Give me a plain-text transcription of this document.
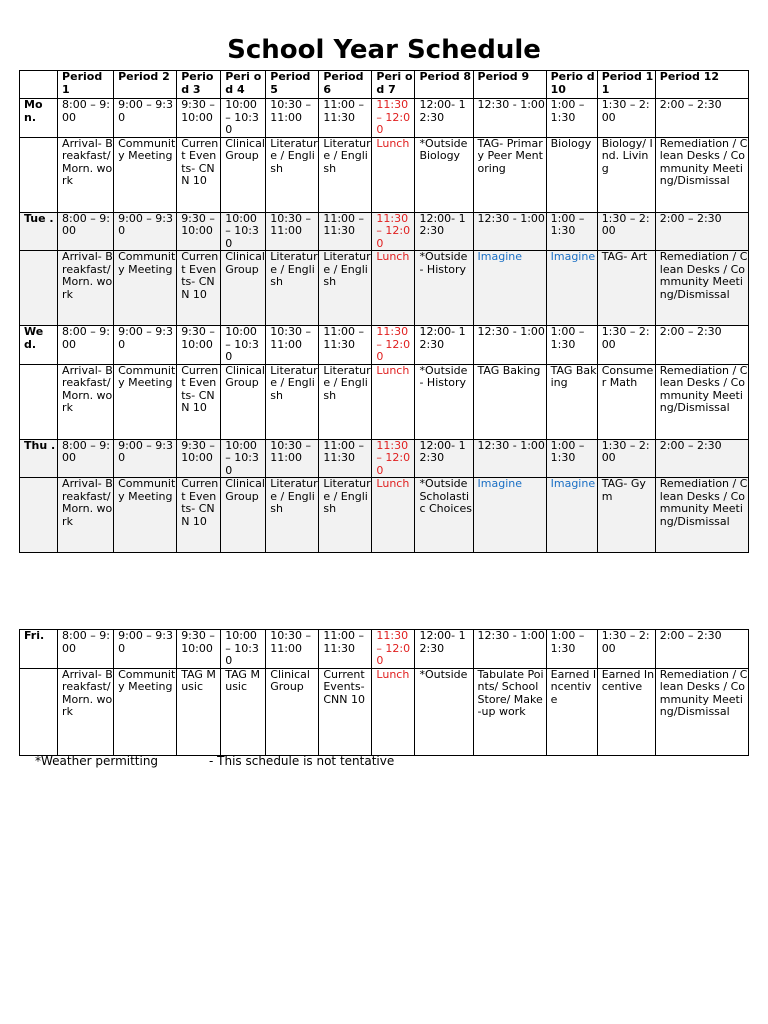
School Year Schedule
	Period 1	Period 2	Perio d 3	Peri od 4	Period 5	Period 6	Peri od 7	Period 8	Period 9	Perio d 10	Period 11	Period 12
Mo n.	8:00 – 9:00	9:00 – 9:30	9:30 – 10:00	10:00 – 10:30	10:30 – 11:00	11:00 – 11:30	11:30 – 12:00	12:00- 12:30	12:30 - 1:00	1:00 – 1:30	1:30 – 2:00	2:00 – 2:30
	Arrival- Breakfast/ Morn. work	Community Meeting	Current Events- CNN 10	Clinical Group	Literature / English	Literature / English	Lunch	*Outside Biology	TAG- Primary Peer Mentoring	Biology	Biology/ Ind. Living	Remediation / Clean Desks / Community Meeting/Dismissal
Tue .	8:00 – 9:00	9:00 – 9:30	9:30 – 10:00	10:00 – 10:30	10:30 – 11:00	11:00 – 11:30	11:30 – 12:00	12:00- 12:30	12:30 - 1:00	1:00 – 1:30	1:30 – 2:00	2:00 – 2:30
	Arrival- Breakfast/ Morn. work	Community Meeting	Current Events- CNN 10	Clinical Group	Literature / English	Literature / English	Lunch	*Outside - History	Imagine	Imagine	TAG- Art	Remediation / Clean Desks / Community Meeting/Dismissal
We d.	8:00 – 9:00	9:00 – 9:30	9:30 – 10:00	10:00 – 10:30	10:30 – 11:00	11:00 – 11:30	11:30 – 12:00	12:00- 12:30	12:30 - 1:00	1:00 – 1:30	1:30 – 2:00	2:00 – 2:30
	Arrival- Breakfast/ Morn. work	Community Meeting	Current Events- CNN 10	Clinical Group	Literature / English	Literature / English	Lunch	*Outside - History	TAG Baking	TAG Baking	Consumer Math	Remediation / Clean Desks / Community Meeting/Dismissal
Thu .	8:00 – 9:00	9:00 – 9:30	9:30 – 10:00	10:00 – 10:30	10:30 – 11:00	11:00 – 11:30	11:30 – 12:00	12:00- 12:30	12:30 - 1:00	1:00 – 1:30	1:30 – 2:00	2:00 – 2:30
	Arrival- Breakfast/ Morn. work	Community Meeting	Current Events- CNN 10	Clinical Group	Literature / English	Literature / English	Lunch	*Outside Scholastic Choices	Imagine	Imagine	TAG- Gym	Remediation / Clean Desks / Community Meeting/Dismissal
Fri.	8:00 – 9:00	9:00 – 9:30	9:30 – 10:00	10:00 – 10:30	10:30 – 11:00	11:00 – 11:30	11:30 – 12:00	12:00- 12:30	12:30 - 1:00	1:00 – 1:30	1:30 – 2:00	2:00 – 2:30
	Arrival- Breakfast/ Morn. work	Community Meeting	TAG Music	TAG Music	Clinical Group	Current Events- CNN 10	Lunch	*Outside	Tabulate Points/ School Store/ Make-up work	Earned Incentive	Earned Incentive	Remediation / Clean Desks / Community Meeting/Dismissal
*Weather permitting	- This schedule is not tentative
